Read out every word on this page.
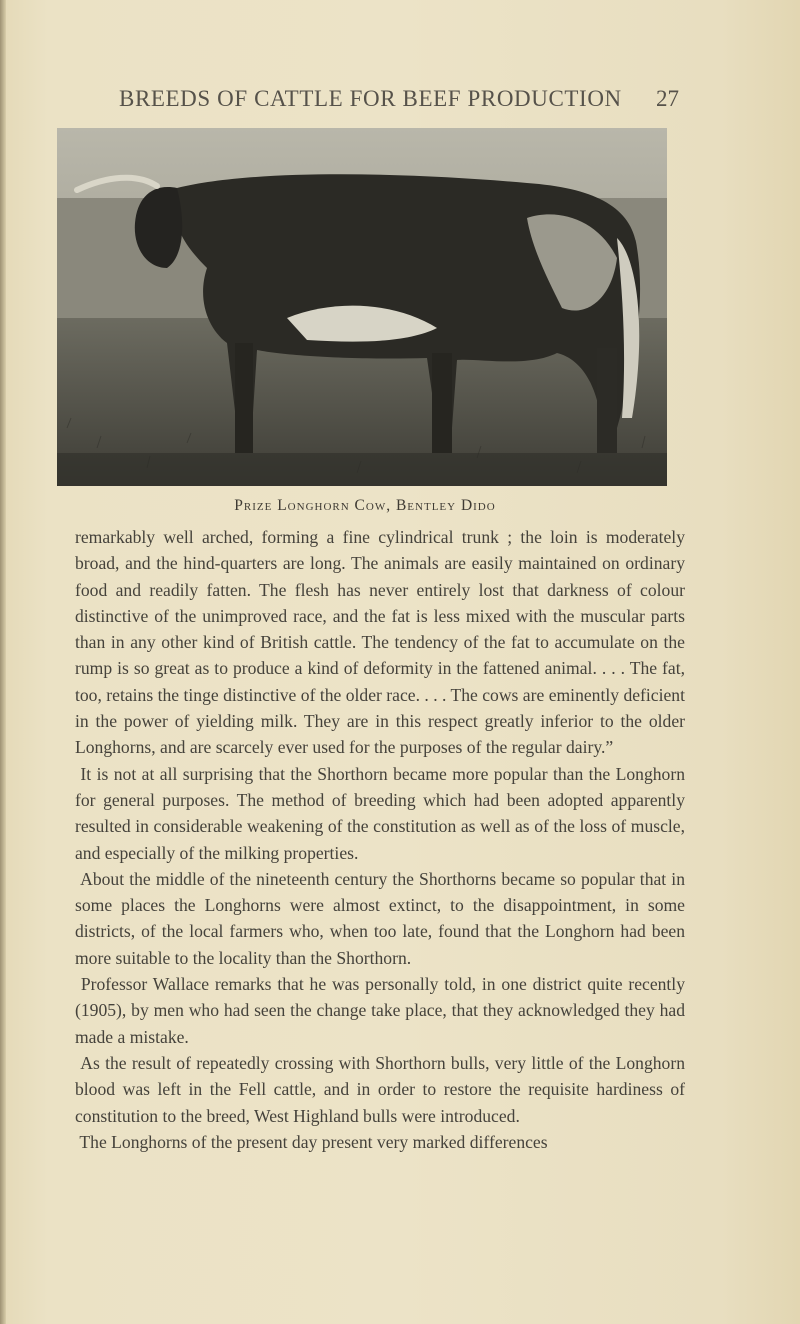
BREEDS OF CATTLE FOR BEEF PRODUCTION 27
Prize Longhorn Cow, Bentley Dido

remarkably well arched, forming a fine cylindrical trunk ; the loin is moderately broad, and the hind-quarters are long. The animals are easily maintained on ordinary food and readily fatten. The flesh has never entirely lost that darkness of colour distinctive of the unimproved race, and the fat is less mixed with the muscular parts than in any other kind of British cattle. The tendency of the fat to accumulate on the rump is so great as to produce a kind of deformity in the fattened animal. . . . The fat, too, retains the tinge distinctive of the older race. . . . The cows are eminently deficient in the power of yielding milk. They are in this respect greatly inferior to the older Longhorns, and are scarcely ever used for the purposes of the regular dairy.”

It is not at all surprising that the Shorthorn became more popular than the Longhorn for general purposes. The method of breeding which had been adopted apparently resulted in considerable weakening of the constitution as well as of the loss of muscle, and especially of the milking properties.

About the middle of the nineteenth century the Shorthorns became so popular that in some places the Longhorns were almost extinct, to the disappointment, in some districts, of the local farmers who, when too late, found that the Longhorn had been more suitable to the locality than the Shorthorn.

Professor Wallace remarks that he was personally told, in one district quite recently (1905), by men who had seen the change take place, that they acknowledged they had made a mistake.

As the result of repeatedly crossing with Shorthorn bulls, very little of the Longhorn blood was left in the Fell cattle, and in order to restore the requisite hardiness of constitution to the breed, West Highland bulls were introduced.

The Longhorns of the present day present very marked differences
